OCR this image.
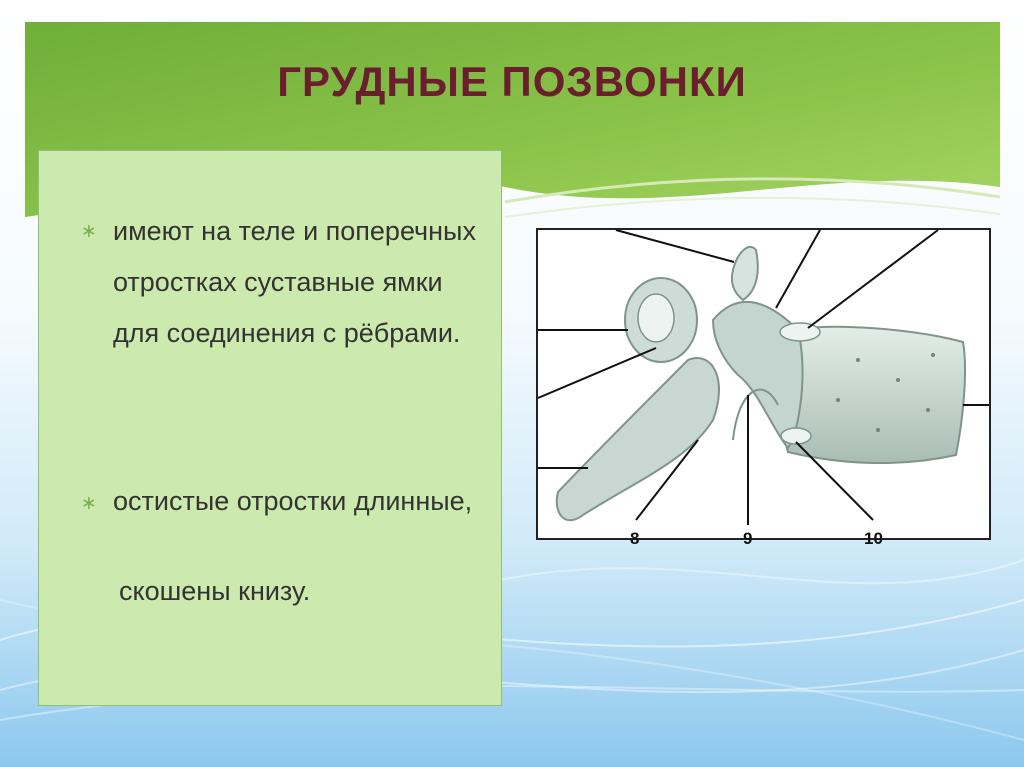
ГРУДНЫЕ ПОЗВОНКИ
∗ имеют на теле и поперечных отростках суставные ямки для соединения с рёбрами.
∗ остистые отростки длинные,
скошены книзу.
8	9	10
